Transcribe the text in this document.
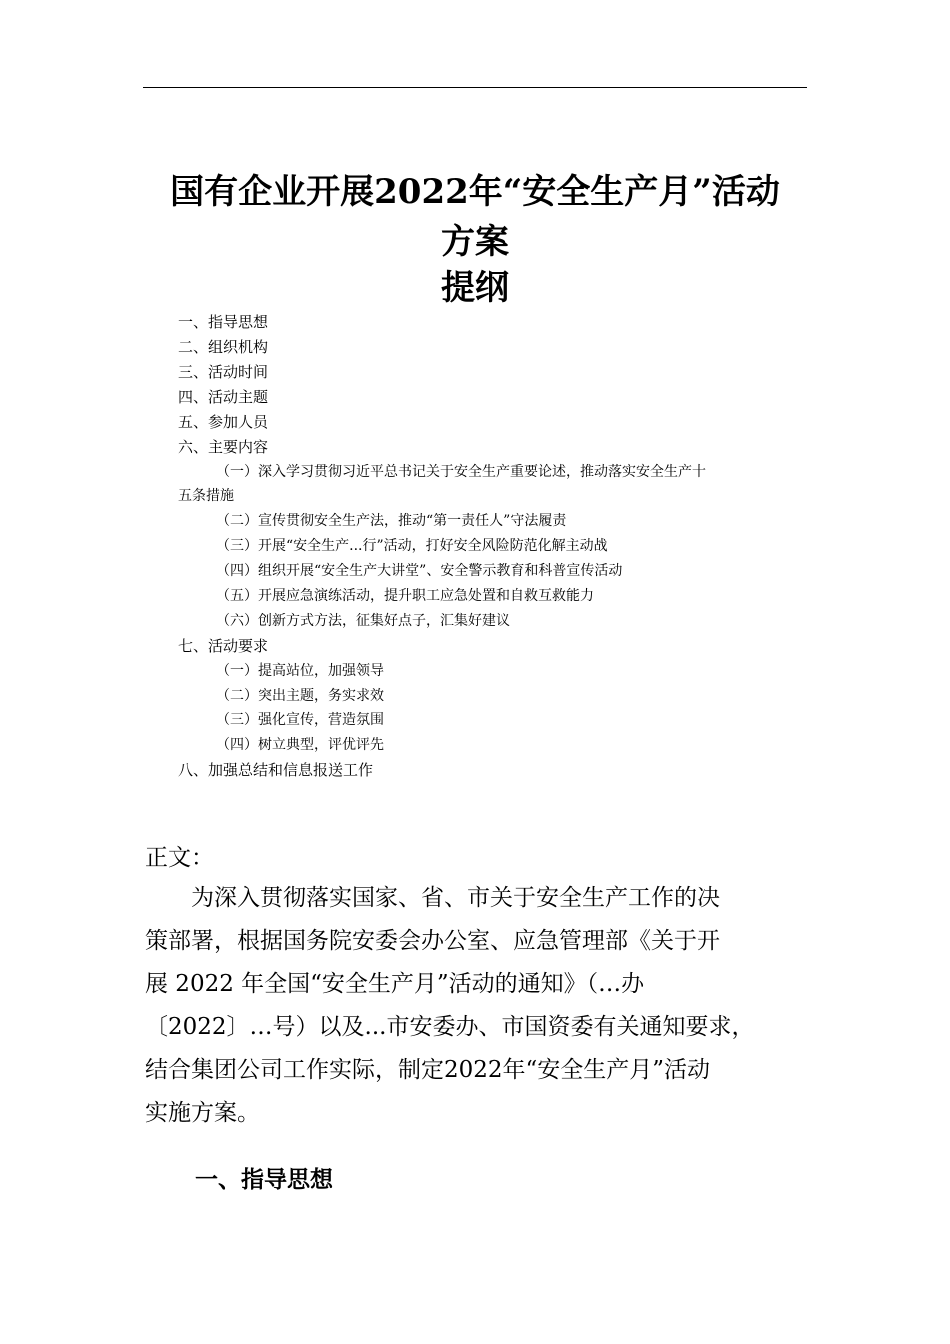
国有企业开展2022年“安全生产月”活动
方案
提纲
一、指导思想
二、组织机构
三、活动时间
四、活动主题
五、参加人员
六、主要内容
（一）深入学习贯彻习近平总书记关于安全生产重要论述，推动落实安全生产十
五条措施
（二）宣传贯彻安全生产法，推动“第一责任人”守法履责
（三）开展“安全生产...行”活动，打好安全风险防范化解主动战
（四）组织开展“安全生产大讲堂”、安全警示教育和科普宣传活动
（五）开展应急演练活动，提升职工应急处置和自救互救能力
（六）创新方式方法，征集好点子，汇集好建议
七、活动要求
（一）提高站位，加强领导
（二）突出主题，务实求效
（三）强化宣传，营造氛围
（四）树立典型，评优评先
八、加强总结和信息报送工作
正文：
　　为深入贯彻落实国家、省、市关于安全生产工作的决
策部署，根据国务院安委会办公室、应急管理部《关于开
展 2022 年全国“安全生产月”活动的通知》（…办
〔2022〕…号）以及...市安委办、市国资委有关通知要求，
结合集团公司工作实际，制定2022年“安全生产月”活动
实施方案。
一、指导思想
